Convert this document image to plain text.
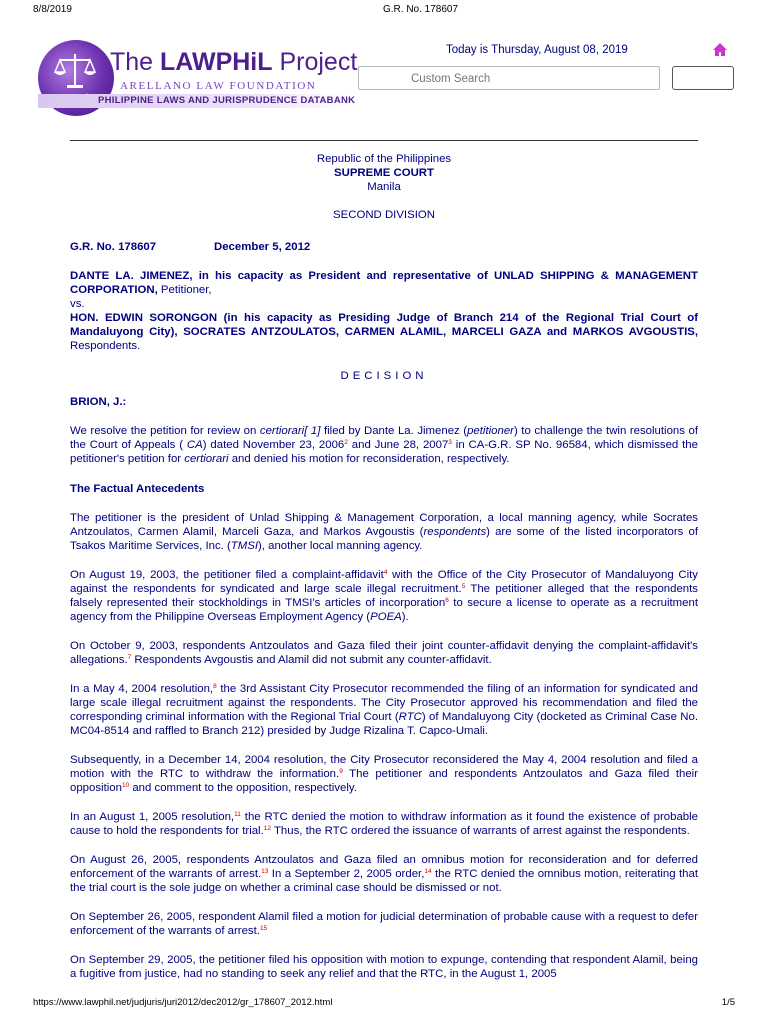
8/8/2019	G.R. No. 178607
The LAWPHiL Project
ARELLANO LAW FOUNDATION
PHILIPPINE LAWS AND JURISPRUDENCE DATABANK
Today is Thursday, August 08, 2019
Custom Search
Republic of the Philippines
SUPREME COURT
Manila
SECOND DIVISION
G.R. No. 178607	December 5, 2012
DANTE LA. JIMENEZ, in his capacity as President and representative of UNLAD SHIPPING & MANAGEMENT CORPORATION, Petitioner,
vs.
HON. EDWIN SORONGON (in his capacity as Presiding Judge of Branch 214 of the Regional Trial Court of Mandaluyong City), SOCRATES ANTZOULATOS, CARMEN ALAMIL, MARCELI GAZA and MARKOS AVGOUSTIS, Respondents.
DECISION
BRION, J.:

We resolve the petition for review on certiorari[ 1] filed by Dante La. Jimenez (petitioner) to challenge the twin resolutions of the Court of Appeals ( CA) dated November 23, 2006$^2$ and June 28, 2007$^3$ in CA-G.R. SP No. 96584, which dismissed the petitioner's petition for certiorari and denied his motion for reconsideration, respectively.

The Factual Antecedents

The petitioner is the president of Unlad Shipping & Management Corporation, a local manning agency, while Socrates Antzoulatos, Carmen Alamil, Marceli Gaza, and Markos Avgoustis (respondents) are some of the listed incorporators of Tsakos Maritime Services, Inc. (TMSI), another local manning agency.

On August 19, 2003, the petitioner filed a complaint-affidavit$^4$ with the Office of the City Prosecutor of Mandaluyong City against the respondents for syndicated and large scale illegal recruitment.$^5$ The petitioner alleged that the respondents falsely represented their stockholdings in TMSI's articles of incorporation$^6$ to secure a license to operate as a recruitment agency from the Philippine Overseas Employment Agency (POEA).

On October 9, 2003, respondents Antzoulatos and Gaza filed their joint counter-affidavit denying the complaint-affidavit's allegations.$^7$ Respondents Avgoustis and Alamil did not submit any counter-affidavit.

In a May 4, 2004 resolution,$^8$ the 3rd Assistant City Prosecutor recommended the filing of an information for syndicated and large scale illegal recruitment against the respondents. The City Prosecutor approved his recommendation and filed the corresponding criminal information with the Regional Trial Court (RTC) of Mandaluyong City (docketed as Criminal Case No. MC04-8514 and raffled to Branch 212) presided by Judge Rizalina T. Capco-Umali.

Subsequently, in a December 14, 2004 resolution, the City Prosecutor reconsidered the May 4, 2004 resolution and filed a motion with the RTC to withdraw the information.$^9$ The petitioner and respondents Antzoulatos and Gaza filed their opposition$^{10}$ and comment to the opposition, respectively.

In an August 1, 2005 resolution,$^{11}$ the RTC denied the motion to withdraw information as it found the existence of probable cause to hold the respondents for trial.$^{12}$ Thus, the RTC ordered the issuance of warrants of arrest against the respondents.

On August 26, 2005, respondents Antzoulatos and Gaza filed an omnibus motion for reconsideration and for deferred enforcement of the warrants of arrest.$^{13}$ In a September 2, 2005 order,$^{14}$ the RTC denied the omnibus motion, reiterating that the trial court is the sole judge on whether a criminal case should be dismissed or not.

On September 26, 2005, respondent Alamil filed a motion for judicial determination of probable cause with a request to defer enforcement of the warrants of arrest.$^{15}$

On September 29, 2005, the petitioner filed his opposition with motion to expunge, contending that respondent Alamil, being a fugitive from justice, had no standing to seek any relief and that the RTC, in the August 1, 2005

https://www.lawphil.net/judjuris/juri2012/dec2012/gr_178607_2012.html	1/5
